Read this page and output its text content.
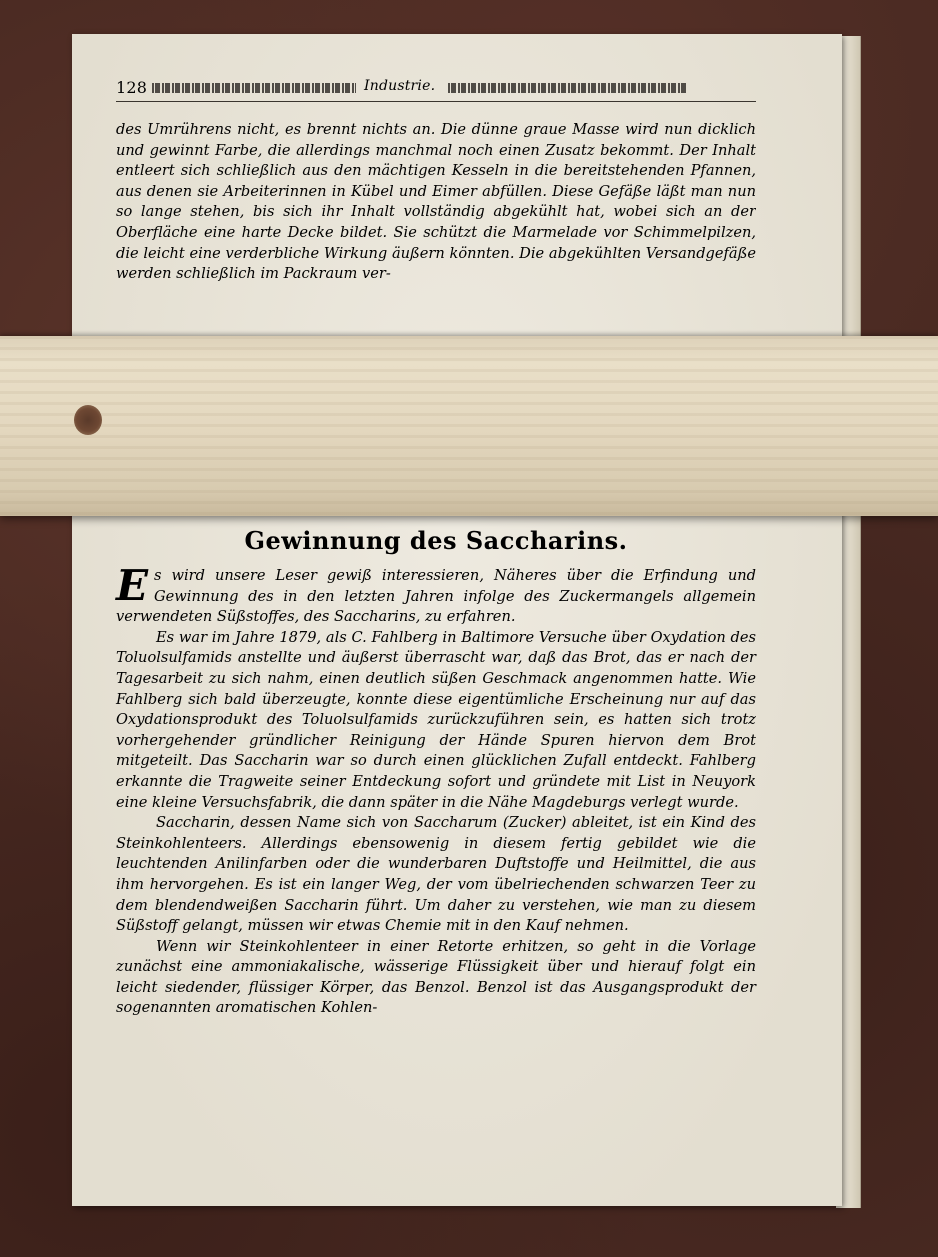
128	Industrie.

des Umrührens nicht, es brennt nichts an. Die dünne graue Masse wird nun dicklich und gewinnt Farbe, die allerdings manchmal noch einen Zusatz bekommt. Der Inhalt entleert sich schließlich aus den mächtigen Kesseln in die bereitstehenden Pfannen, aus denen sie Arbeiterinnen in Kübel und Eimer abfüllen. Diese Gefäße läßt man nun so lange stehen, bis sich ihr Inhalt vollständig abgekühlt hat, wobei sich an der Oberfläche eine harte Decke bildet. Sie schützt die Marmelade vor Schimmelpilzen, die leicht eine verderbliche Wirkung äußern könnten. Die abgekühlten Versandgefäße werden schließlich im Packraum ver-

Gewinnung des Saccharins.

Es wird unsere Leser gewiß interessieren, Näheres über die Erfindung und Gewinnung des in den letzten Jahren infolge des Zuckermangels allgemein verwendeten Süßstoffes, des Saccharins, zu erfahren.

Es war im Jahre 1879, als C. Fahlberg in Baltimore Versuche über Oxydation des Toluolsulfamids anstellte und äußerst überrascht war, daß das Brot, das er nach der Tagesarbeit zu sich nahm, einen deutlich süßen Geschmack angenommen hatte. Wie Fahlberg sich bald überzeugte, konnte diese eigentümliche Erscheinung nur auf das Oxydationsprodukt des Toluolsulfamids zurückzuführen sein, es hatten sich trotz vorhergehender gründlicher Reinigung der Hände Spuren hiervon dem Brot mitgeteilt. Das Saccharin war so durch einen glücklichen Zufall entdeckt. Fahlberg erkannte die Tragweite seiner Entdeckung sofort und gründete mit List in Neuyork eine kleine Versuchsfabrik, die dann später in die Nähe Magdeburgs verlegt wurde.

Saccharin, dessen Name sich von Saccharum (Zucker) ableitet, ist ein Kind des Steinkohlenteers. Allerdings ebensowenig in diesem fertig gebildet wie die leuchtenden Anilinfarben oder die wunderbaren Duftstoffe und Heilmittel, die aus ihm hervorgehen. Es ist ein langer Weg, der vom übelriechenden schwarzen Teer zu dem blendendweißen Saccharin führt. Um daher zu verstehen, wie man zu diesem Süßstoff gelangt, müssen wir etwas Chemie mit in den Kauf nehmen.

Wenn wir Steinkohlenteer in einer Retorte erhitzen, so geht in die Vorlage zunächst eine ammoniakalische, wässerige Flüssigkeit über und hierauf folgt ein leicht siedender, flüssiger Körper, das Benzol. Benzol ist das Ausgangsprodukt der sogenannten aromatischen Kohlen-
